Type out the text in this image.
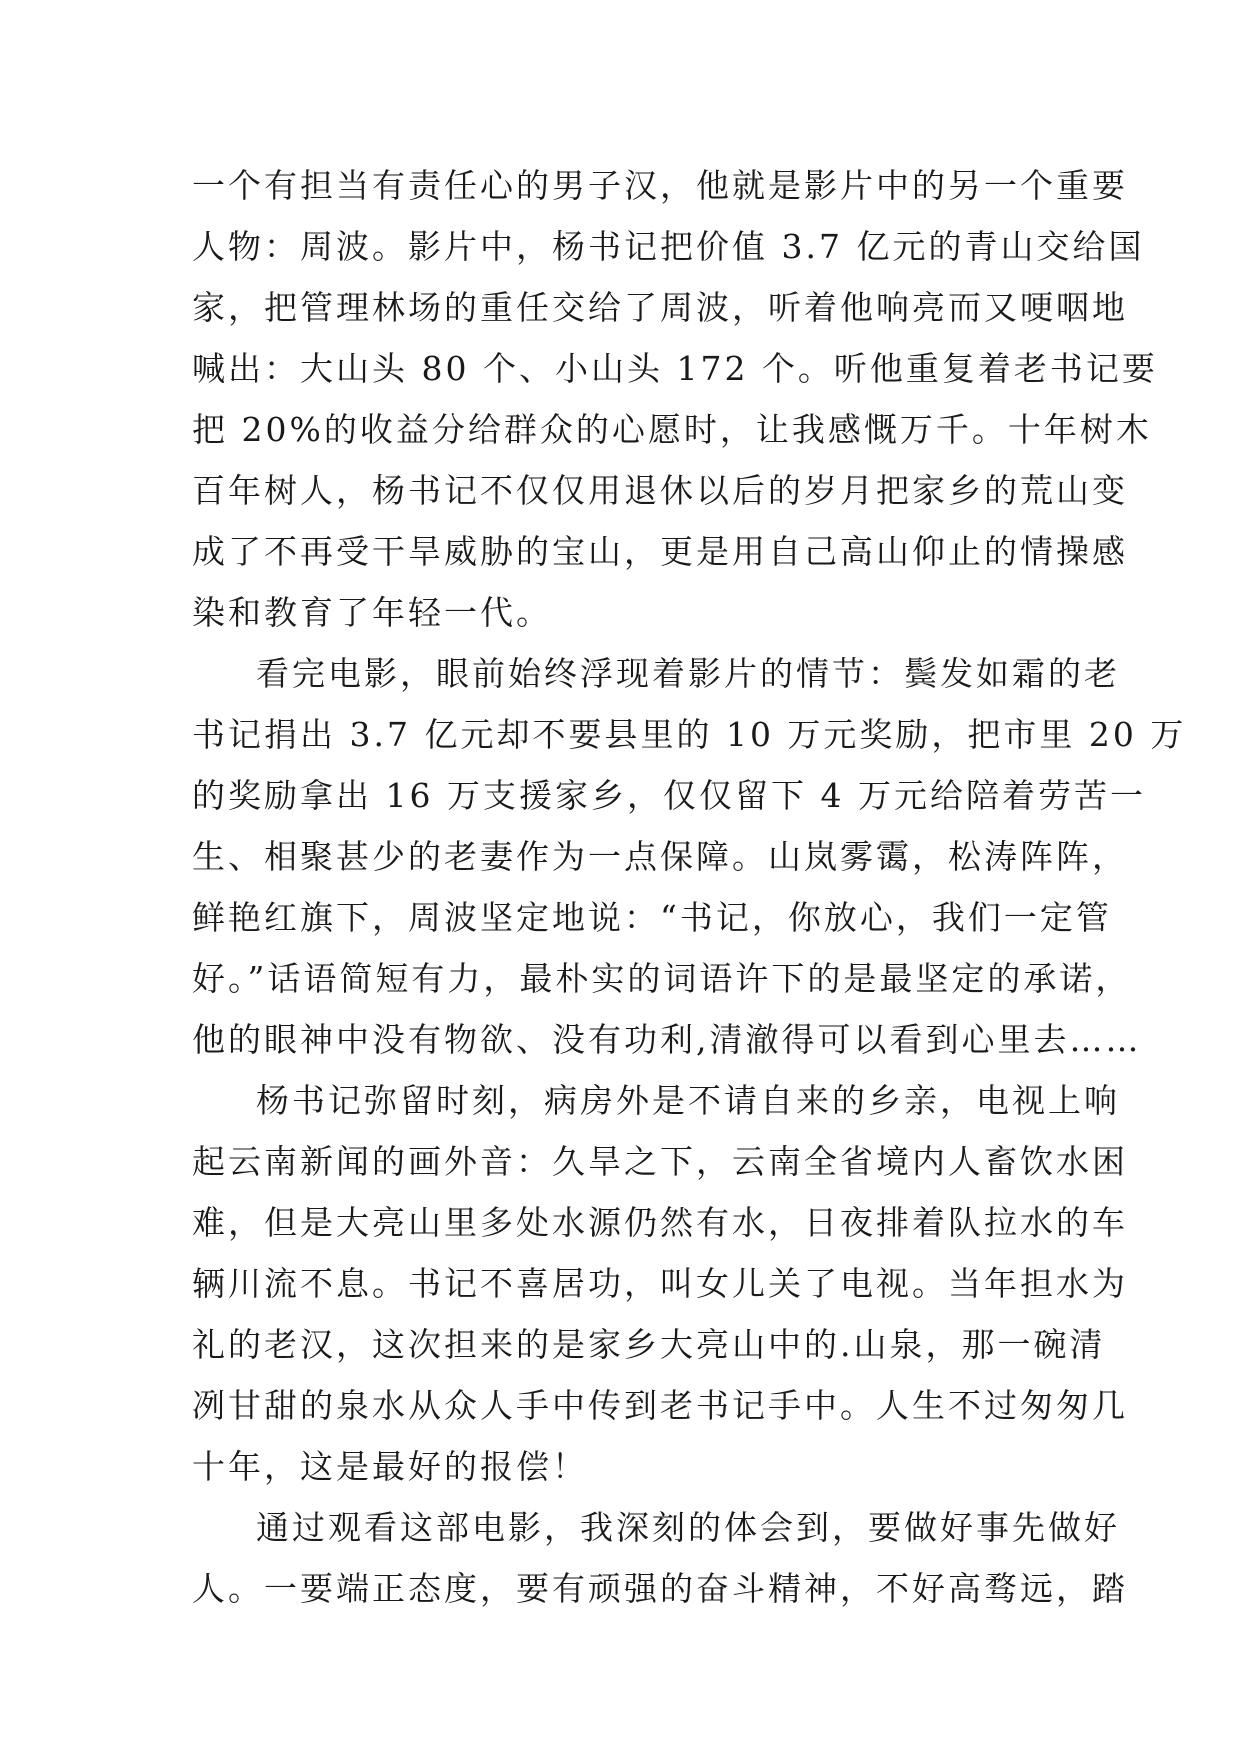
一个有担当有责任心的男子汉，他就是影片中的另一个重要
人物：周波。影片中，杨书记把价值 3.7 亿元的青山交给国
家，把管理林场的重任交给了周波，听着他响亮而又哽咽地
喊出：大山头 80 个、小山头 172 个。听他重复着老书记要
把 20%的收益分给群众的心愿时，让我感慨万千。十年树木
百年树人，杨书记不仅仅用退休以后的岁月把家乡的荒山变
成了不再受干旱威胁的宝山，更是用自己高山仰止的情操感
染和教育了年轻一代。
看完电影，眼前始终浮现着影片的情节：鬓发如霜的老
书记捐出 3.7 亿元却不要县里的 10 万元奖励，把市里 20 万
的奖励拿出 16 万支援家乡，仅仅留下 4 万元给陪着劳苦一
生、相聚甚少的老妻作为一点保障。山岚雾霭，松涛阵阵，
鲜艳红旗下，周波坚定地说：“书记，你放心，我们一定管
好。”话语简短有力，最朴实的词语许下的是最坚定的承诺，
他的眼神中没有物欲、没有功利,清澈得可以看到心里去……
杨书记弥留时刻，病房外是不请自来的乡亲，电视上响
起云南新闻的画外音：久旱之下，云南全省境内人畜饮水困
难，但是大亮山里多处水源仍然有水，日夜排着队拉水的车
辆川流不息。书记不喜居功，叫女儿关了电视。当年担水为
礼的老汉，这次担来的是家乡大亮山中的.山泉，那一碗清
冽甘甜的泉水从众人手中传到老书记手中。人生不过匆匆几
十年，这是最好的报偿！
通过观看这部电影，我深刻的体会到，要做好事先做好
人。一要端正态度，要有顽强的奋斗精神，不好高骛远，踏
